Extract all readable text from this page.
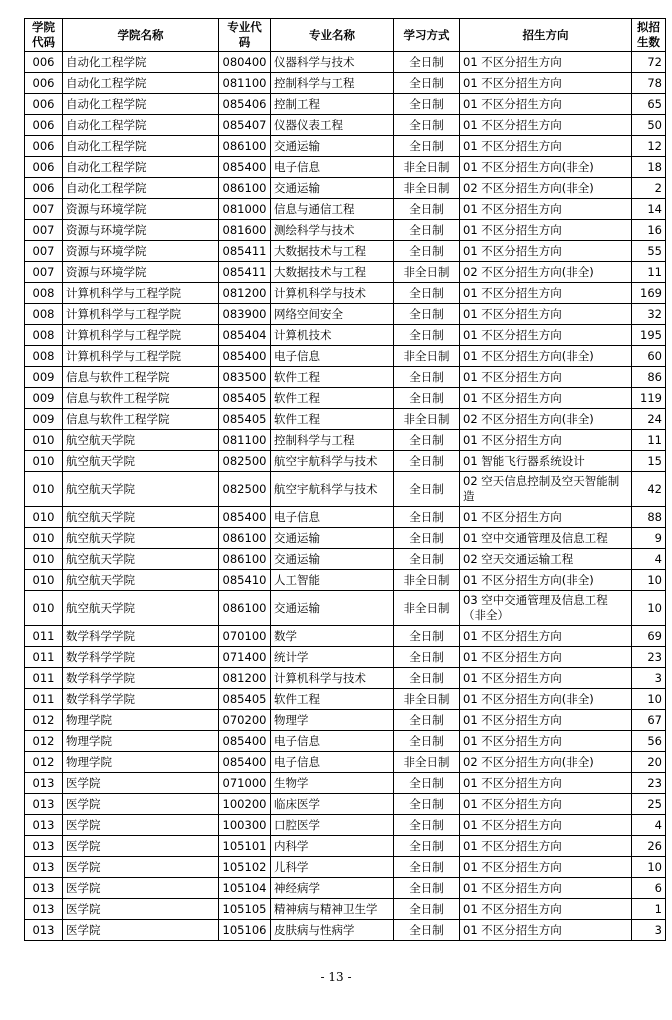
学院代码	学院名称	专业代码	专业名称	学习方式	招生方向	拟招生数
006	自动化工程学院	080400	仪器科学与技术	全日制	01 不区分招生方向	72
006	自动化工程学院	081100	控制科学与工程	全日制	01 不区分招生方向	78
006	自动化工程学院	085406	控制工程	全日制	01 不区分招生方向	65
006	自动化工程学院	085407	仪器仪表工程	全日制	01 不区分招生方向	50
006	自动化工程学院	086100	交通运输	全日制	01 不区分招生方向	12
006	自动化工程学院	085400	电子信息	非全日制	01 不区分招生方向(非全)	18
006	自动化工程学院	086100	交通运输	非全日制	02 不区分招生方向(非全)	2
007	资源与环境学院	081000	信息与通信工程	全日制	01 不区分招生方向	14
007	资源与环境学院	081600	测绘科学与技术	全日制	01 不区分招生方向	16
007	资源与环境学院	085411	大数据技术与工程	全日制	01 不区分招生方向	55
007	资源与环境学院	085411	大数据技术与工程	非全日制	02 不区分招生方向(非全)	11
008	计算机科学与工程学院	081200	计算机科学与技术	全日制	01 不区分招生方向	169
008	计算机科学与工程学院	083900	网络空间安全	全日制	01 不区分招生方向	32
008	计算机科学与工程学院	085404	计算机技术	全日制	01 不区分招生方向	195
008	计算机科学与工程学院	085400	电子信息	非全日制	01 不区分招生方向(非全)	60
009	信息与软件工程学院	083500	软件工程	全日制	01 不区分招生方向	86
009	信息与软件工程学院	085405	软件工程	全日制	01 不区分招生方向	119
009	信息与软件工程学院	085405	软件工程	非全日制	02 不区分招生方向(非全)	24
010	航空航天学院	081100	控制科学与工程	全日制	01 不区分招生方向	11
010	航空航天学院	082500	航空宇航科学与技术	全日制	01 智能飞行器系统设计	15
010	航空航天学院	082500	航空宇航科学与技术	全日制	02 空天信息控制及空天智能制造	42
010	航空航天学院	085400	电子信息	全日制	01 不区分招生方向	88
010	航空航天学院	086100	交通运输	全日制	01 空中交通管理及信息工程	9
010	航空航天学院	086100	交通运输	全日制	02 空天交通运输工程	4
010	航空航天学院	085410	人工智能	非全日制	01 不区分招生方向(非全)	10
010	航空航天学院	086100	交通运输	非全日制	03 空中交通管理及信息工程（非全）	10
011	数学科学学院	070100	数学	全日制	01 不区分招生方向	69
011	数学科学学院	071400	统计学	全日制	01 不区分招生方向	23
011	数学科学学院	081200	计算机科学与技术	全日制	01 不区分招生方向	3
011	数学科学学院	085405	软件工程	非全日制	01 不区分招生方向(非全)	10
012	物理学院	070200	物理学	全日制	01 不区分招生方向	67
012	物理学院	085400	电子信息	全日制	01 不区分招生方向	56
012	物理学院	085400	电子信息	非全日制	02 不区分招生方向(非全)	20
013	医学院	071000	生物学	全日制	01 不区分招生方向	23
013	医学院	100200	临床医学	全日制	01 不区分招生方向	25
013	医学院	100300	口腔医学	全日制	01 不区分招生方向	4
013	医学院	105101	内科学	全日制	01 不区分招生方向	26
013	医学院	105102	儿科学	全日制	01 不区分招生方向	10
013	医学院	105104	神经病学	全日制	01 不区分招生方向	6
013	医学院	105105	精神病与精神卫生学	全日制	01 不区分招生方向	1
013	医学院	105106	皮肤病与性病学	全日制	01 不区分招生方向	3
- 13 -
